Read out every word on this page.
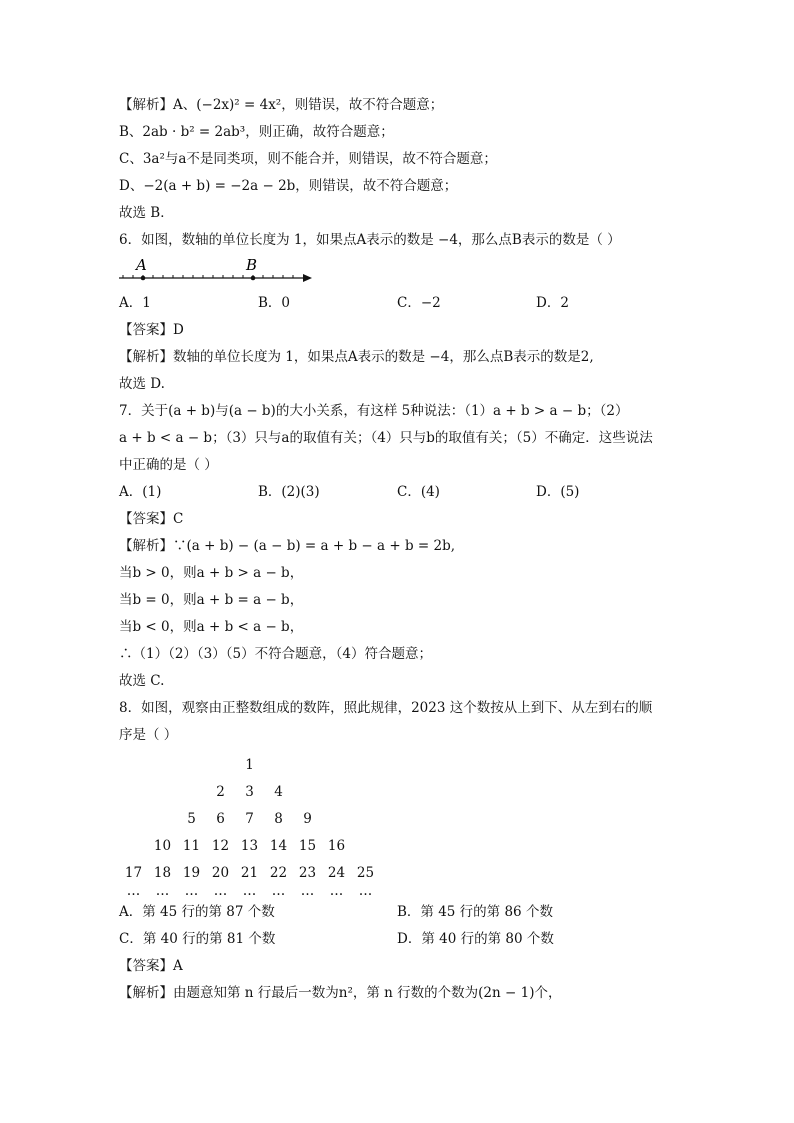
【解析】A、(−2x)² = 4x²，则错误，故不符合题意；
B、2ab · b² = 2ab³，则正确，故符合题意；
C、3a²与a不是同类项，则不能合并，则错误，故不符合题意；
D、−2(a + b) = −2a − 2b，则错误，故不符合题意；
故选 B．
6．如图，数轴的单位长度为 1，如果点A表示的数是 −4，那么点B表示的数是（ ）
A	B
A．1	B．0	C．−2	D．2
【答案】D
【解析】数轴的单位长度为 1，如果点A表示的数是 −4，那么点B表示的数是2,
故选 D.
7．关于(a + b)与(a − b)的大小关系，有这样 5种说法：（1）a + b > a − b；（2）
a + b < a − b；（3）只与a的取值有关；（4）只与b的取值有关；（5）不确定．这些说法
中正确的是（ ）
A．(1)	B．(2)(3)	C．(4)	D．(5)
【答案】C
【解析】∵(a + b) − (a − b) = a + b − a + b = 2b,
当b > 0，则a + b > a − b，
当b = 0，则a + b = a − b，
当b < 0，则a + b < a − b，
∴（1）（2）（3）（5）不符合题意，（4）符合题意；
故选 C.
8．如图，观察由正整数组成的数阵，照此规律，2023 这个数按从上到下、从左到右的顺
序是（ ）
1
2	3	4
5	6	7	8	9
10 11 12 13 14 15 16
17 18 19 20 21 22 23 24 25
…	…	…	…	…	…	…	…	…
A．第 45 行的第 87 个数	B．第 45 行的第 86 个数
C．第 40 行的第 81 个数	D．第 40 行的第 80 个数
【答案】A
【解析】由题意知第 n 行最后一数为n²，第 n 行数的个数为(2n − 1)个，
